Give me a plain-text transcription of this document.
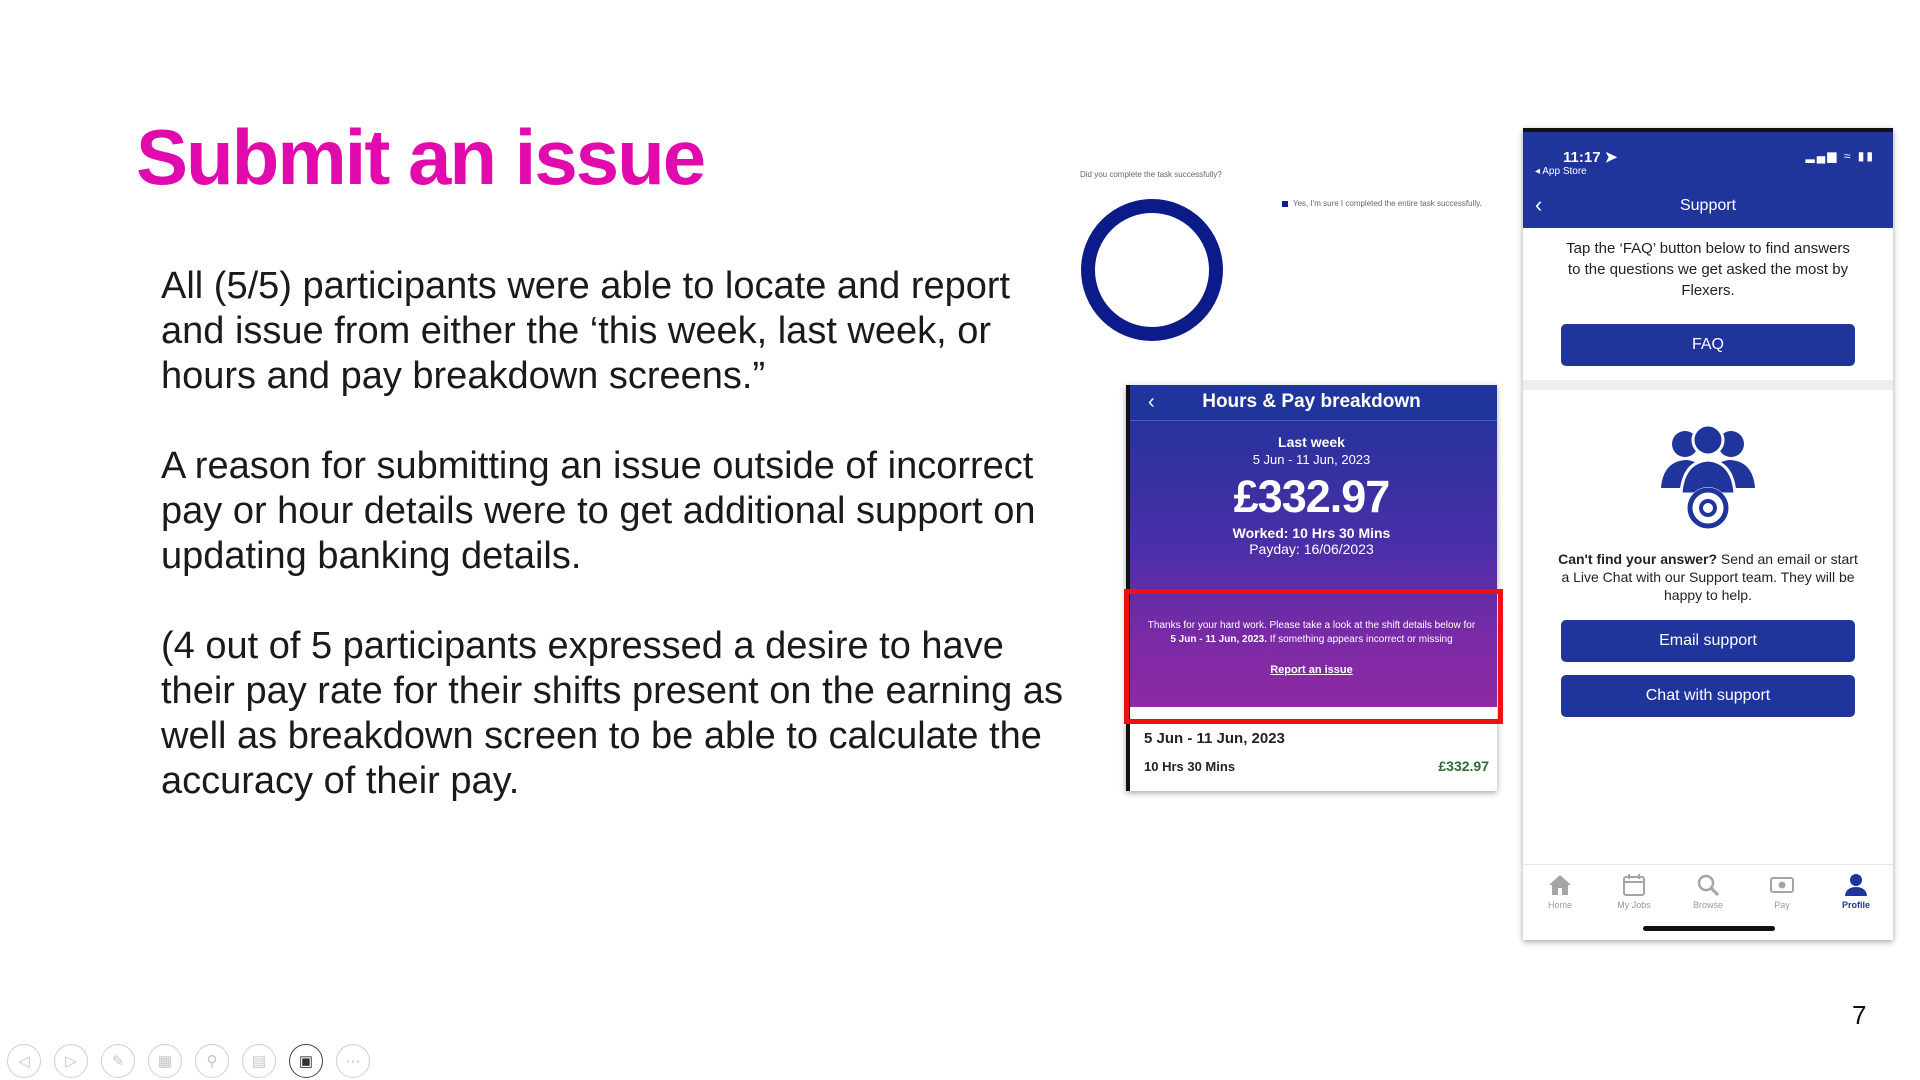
Submit an issue
All (5/5) participants were able to locate and report and issue from either the ‘this week, last week, or hours and pay breakdown screens.”
A reason for submitting an issue outside of incorrect pay or hour details were to get additional support on updating banking details.
(4 out of 5 participants expressed a desire to have their pay rate for their shifts present on the earning as well as breakdown screen to be able to calculate the accuracy of their pay.
7
Did you complete the task successfully?
Yes, I'm sure I completed the entire task successfully.
‹	Hours & Pay breakdown
Last week
5 Jun - 11 Jun, 2023
£332.97
Worked: 10 Hrs 30 Mins
Payday: 16/06/2023
Thanks for your hard work. Please take a look at the shift details below for 5 Jun - 11 Jun, 2023. If something appears incorrect or missing
Report an issue
5 Jun - 11 Jun, 2023
10 Hrs 30 Mins	£332.97
11:17 ➤
◂ App Store
▂▄▆ ≈ ▮▮
‹	Support
Tap the ‘FAQ’ button below to find answers to the questions we get asked the most by Flexers.
FAQ
Can't find your answer? Send an email or start a Live Chat with our Support team. They will be happy to help.
Email support
Chat with support
Home	My Jobs	Browse	Pay	Profile
◁ ▷ ✎ ▦ ⚲ ▤ ▣ ⋯
